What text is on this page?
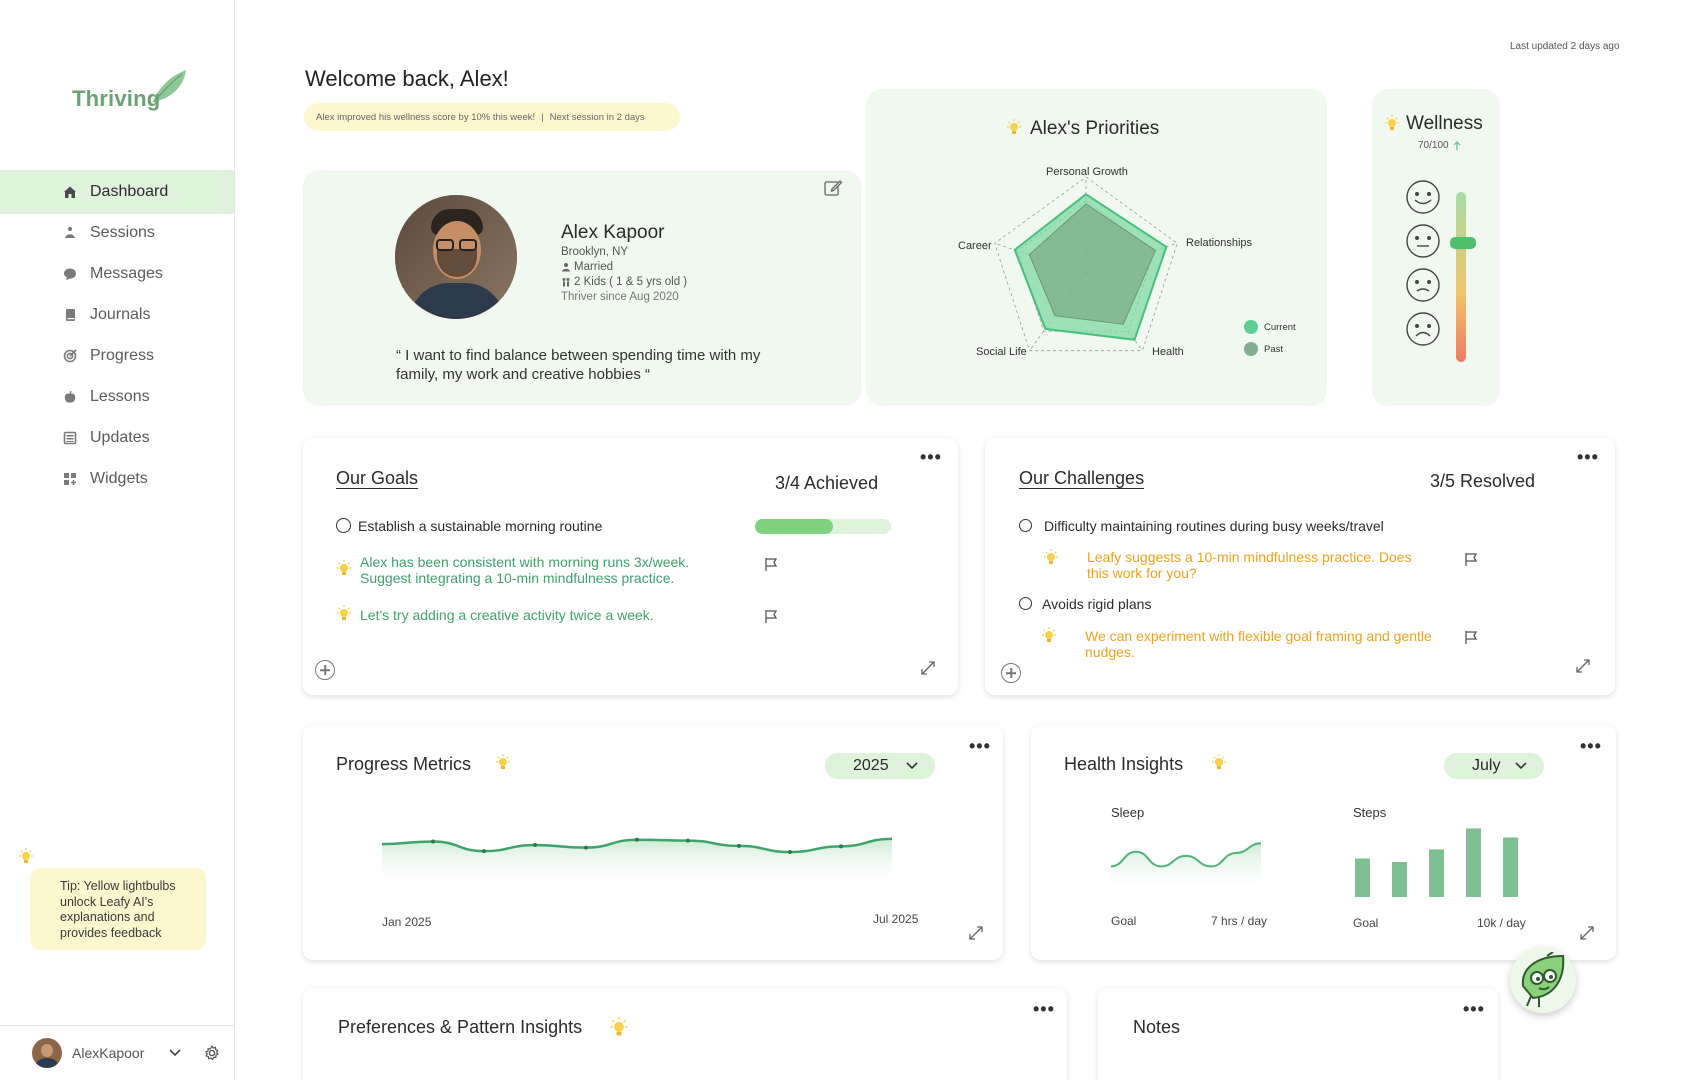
Thriving
Dashboard
Sessions
Messages
Journals
Progress
Lessons
Updates
Widgets
Tip: Yellow lightbulbs unlock Leafy AI's explanations and provides feedback
AlexKapoor
Last updated 2 days ago
Welcome back, Alex!
Alex improved his wellness score by 10% this week! | Next session in 2 days
Alex Kapoor
Brooklyn, NY
Married
2 Kids ( 1 & 5 yrs old )
Thriver since Aug 2020
“ I want to find balance between spending time with my family, my work and creative hobbies “
Alex's Priorities
Personal Growth
Relationships
Health
Social Life
Career
Current
Past
Wellness
70/100
•••
Our Goals	3/4 Achieved
Establish a sustainable morning routine
Alex has been consistent with morning runs 3x/week. Suggest integrating a 10-min mindfulness practice.
Let's try adding a creative activity twice a week.
•••
Our Challenges	3/5 Resolved
Difficulty maintaining routines during busy weeks/travel
Leafy suggests a 10-min mindfulness practice. Does this work for you?
Avoids rigid plans
We can experiment with flexible goal framing and gentle nudges.
•••
Progress Metrics	2025
Jan 2025	Jul 2025
•••
Health Insights	July
Sleep
Goal	7 hrs / day
Steps
Goal	10k / day
•••
Preferences & Pattern Insights
•••
Notes
